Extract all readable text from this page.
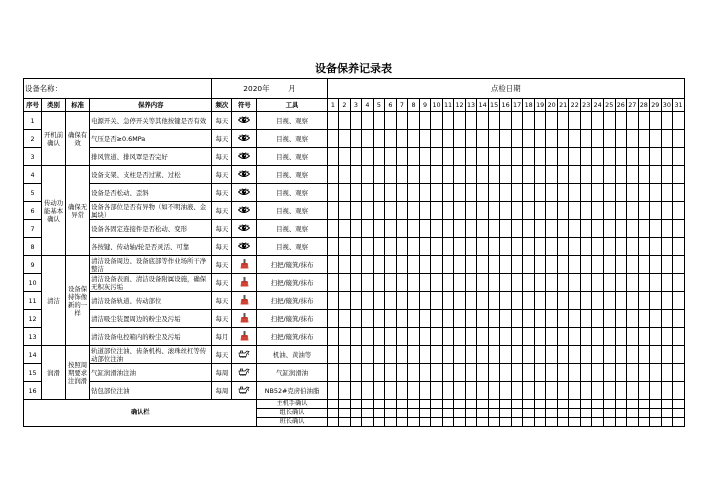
设备保养记录表
设备名称：				2020年 月			点检日期																														
序号	类别	标准	保养内容	频次	符号	工具	1	2	3	4	5	6	7	8	9	10	11	12	13	14	15	16	17	18	19	20	21	22	23	24	25	26	27	28	29	30	31
1	开机前确认	确保有效	电源开关、急停开关等其他按键是否有效	每天		目视、观察																															
2			气压是否≥0.6MPa	每天		目视、观察																															
3			排风管道、排风罩是否完好	每天		目视、观察																															
4	传动功能基本确认	确保无异常	设备支架、支柱是否过紧、过松	每天		目视、观察																															
5			设备是否松动、歪斜	每天		目视、观察																															
6			设备各部位是否有异物（如不明油液、金属块）	每天		目视、观察																															
7			设备各固定连接件是否松动、变形	每天		目视、观察																															
8			各按键、传动轴/轮是否灵活、可靠	每天		目视、观察																															
9	清洁	设备保持饰像新的一样	清洁设备周边、设备底部等作业场所干净整洁	每天		扫把/簸箕/抹布																															
10			清洁设备表面、清洁设备附属设施，确保无积灰污垢	每天		扫把/簸箕/抹布																															
11			清洁设备轨道、传动部位	每天		扫把/簸箕/抹布																															
12			清洁吸尘装置周边的粉尘及污垢	每天		扫把/簸箕/抹布																															
13			清洁设备电控箱内的粉尘及污垢	每月		扫把/簸箕/抹布																															
14	润滑	按照周期要求注润滑	轨道部位注油、齿条机构、滚珠丝杠等传动部位注油	每天		机油、黄油等																															
15			气缸润滑油注油	每周		气缸润滑油																															
16			钻包部位注油	每周		NB52#克虏伯油脂																															
确认栏						主机手确认																															
						组长确认																															
						班长确认																															
